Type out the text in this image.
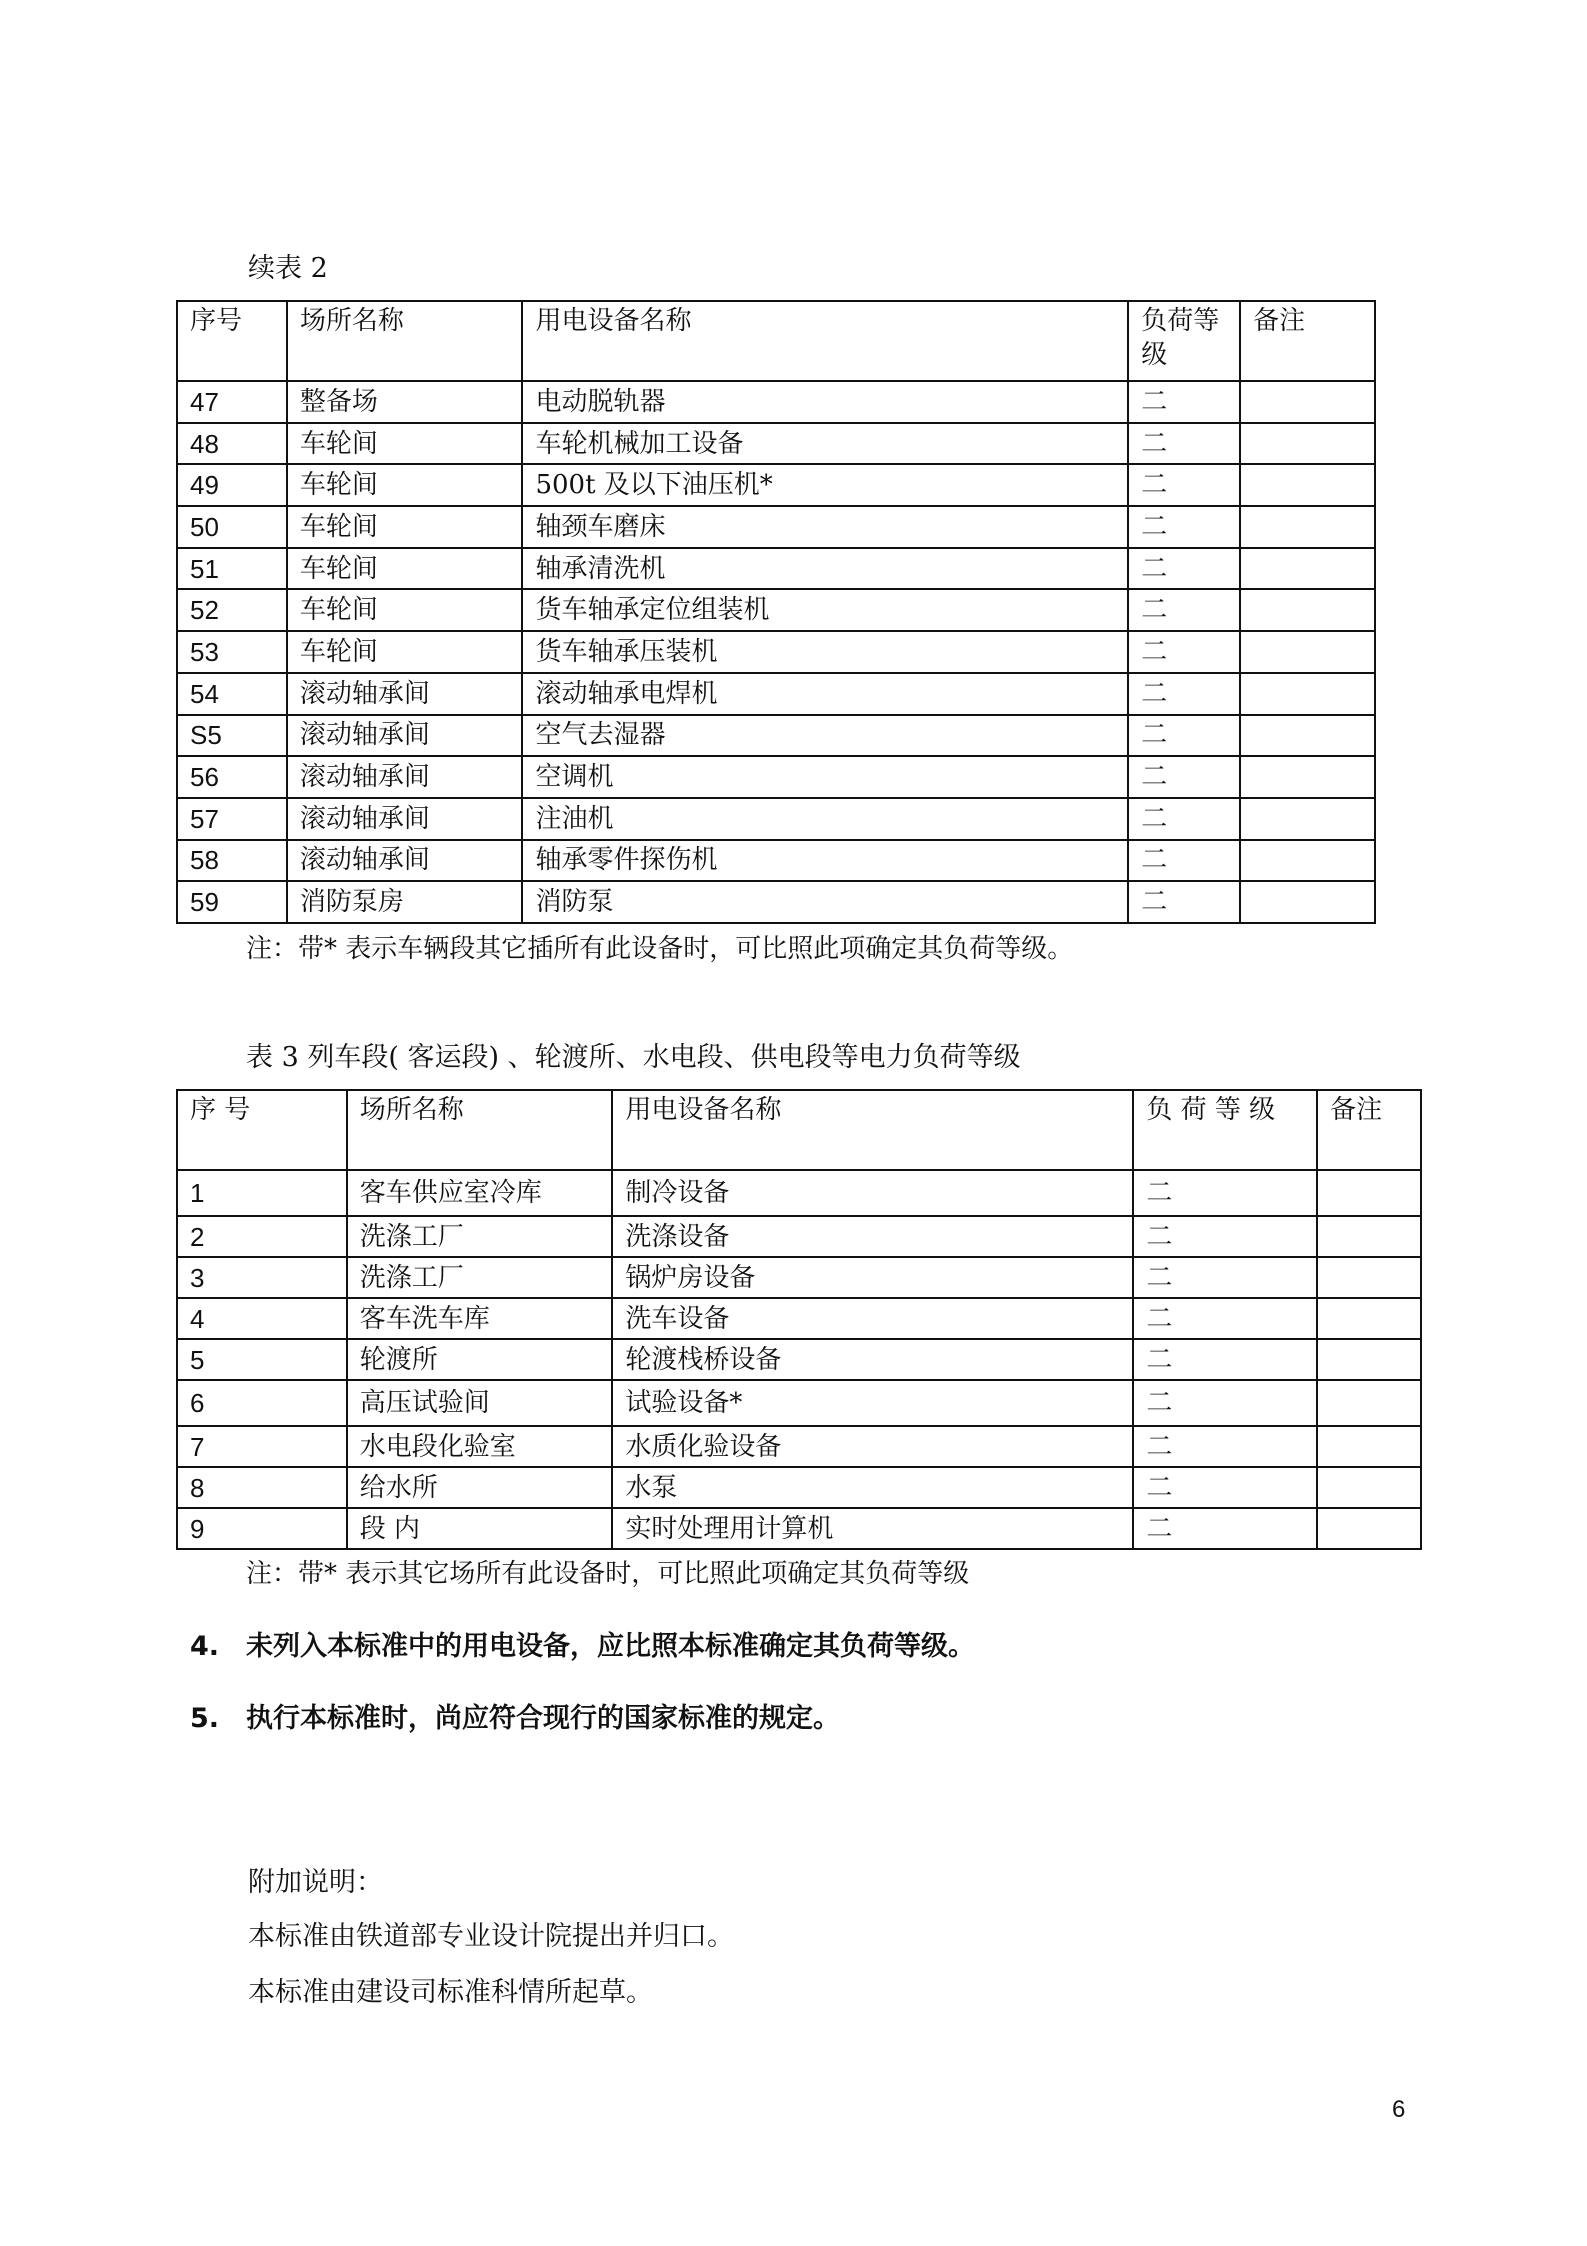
续表 2
序号	场所名称	用电设备名称	负荷等级	备注
47	整备场	电动脱轨器	二	
48	车轮间	车轮机械加工设备	二	
49	车轮间	500t 及以下油压机*	二	
50	车轮间	轴颈车磨床	二	
51	车轮间	轴承清洗机	二	
52	车轮间	货车轴承定位组装机	二	
53	车轮间	货车轴承压装机	二	
54	滚动轴承间	滚动轴承电焊机	二	
S5	滚动轴承间	空气去湿器	二	
56	滚动轴承间	空调机	二	
57	滚动轴承间	注油机	二	
58	滚动轴承间	轴承零件探伤机	二	
59	消防泵房	消防泵	二	
注：带* 表示车辆段其它插所有此设备时，可比照此项确定其负荷等级。
表 3 列车段( 客运段) 、轮渡所、水电段、供电段等电力负荷等级
序 号	场所名称	用电设备名称	负 荷 等 级	备注
1	客车供应室冷库	制冷设备	二	
2	洗涤工厂	洗涤设备	二	
3	洗涤工厂	锅炉房设备	二	
4	客车洗车库	洗车设备	二	
5	轮渡所	轮渡栈桥设备	二	
6	高压试验间	试验设备*	二	
7	水电段化验室	水质化验设备	二	
8	给水所	水泵	二	
9	段 内	实时处理用计算机	二	
注：带* 表示其它场所有此设备时，可比照此项确定其负荷等级
4. 未列入本标准中的用电设备，应比照本标准确定其负荷等级。
5. 执行本标准时，尚应符合现行的国家标准的规定。
附加说明：
本标准由铁道部专业设计院提出并归口。
本标准由建设司标准科情所起草。
6
